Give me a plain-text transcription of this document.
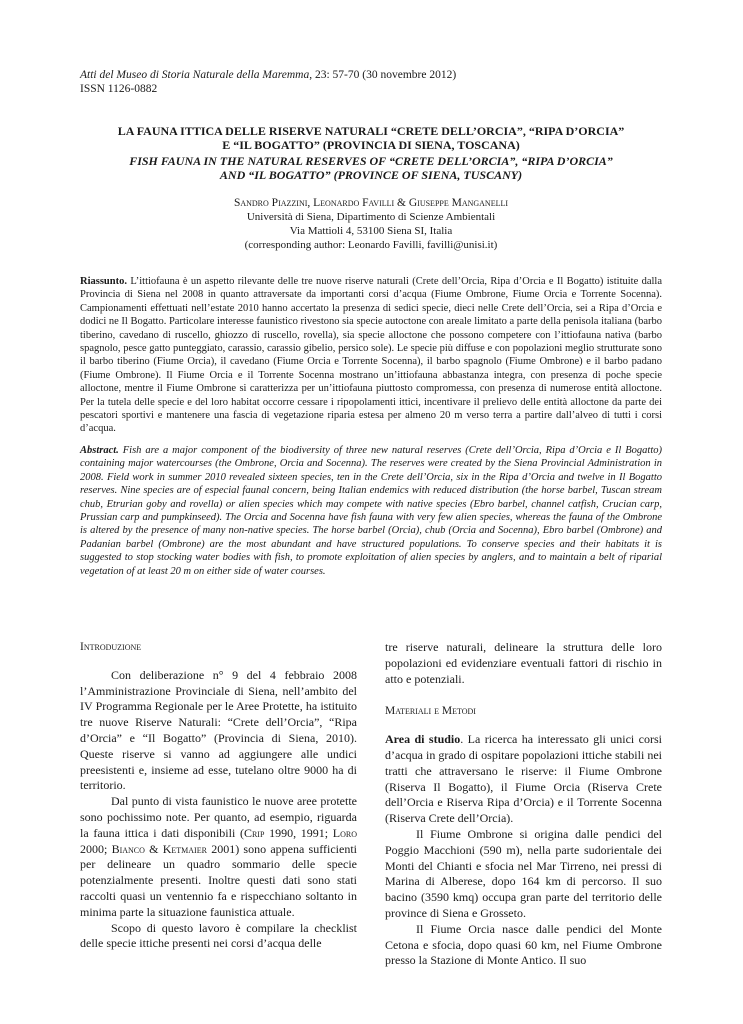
Atti del Museo di Storia Naturale della Maremma, 23: 57-70 (30 novembre 2012)
ISSN 1126-0882
LA FAUNA ITTICA DELLE RISERVE NATURALI “CRETE DELL’ORCIA”, “RIPA D’ORCIA”
E “IL BOGATTO” (PROVINCIA DI SIENA, TOSCANA)
FISH FAUNA IN THE NATURAL RESERVES OF “CRETE DELL’ORCIA”, “RIPA D’ORCIA”
AND “IL BOGATTO” (PROVINCE OF SIENA, TUSCANY)
Sandro Piazzini, Leonardo Favilli & Giuseppe Manganelli
Università di Siena, Dipartimento di Scienze Ambientali
Via Mattioli 4, 53100 Siena SI, Italia
(corresponding author: Leonardo Favilli, favilli@unisi.it)
Riassunto. L’ittiofauna è un aspetto rilevante delle tre nuove riserve naturali (Crete dell’Orcia, Ripa d’Orcia e Il Bogatto) istituite dalla Provincia di Siena nel 2008 in quanto attraversate da importanti corsi d’acqua (Fiume Ombrone, Fiume Orcia e Torrente Socenna). Campionamenti effettuati nell’estate 2010 hanno accertato la presenza di sedici specie, dieci nelle Crete dell’Orcia, sei a Ripa d’Orcia e dodici ne Il Bogatto. Particolare interesse faunistico rivestono sia specie autoctone con areale limitato a parte della penisola italiana (barbo tiberino, cavedano di ruscello, ghiozzo di ruscello, rovella), sia specie alloctone che possono competere con l’ittiofauna nativa (barbo spagnolo, pesce gatto punteggiato, carassio, carassio gibelio, persico sole). Le specie più diffuse e con popolazioni meglio strutturate sono il barbo tiberino (Fiume Orcia), il cavedano (Fiume Orcia e Torrente Socenna), il barbo spagnolo (Fiume Ombrone) e il barbo padano (Fiume Ombrone). Il Fiume Orcia e il Torrente Socenna mostrano un’ittiofauna abbastanza integra, con presenza di poche specie alloctone, mentre il Fiume Ombrone si caratterizza per un’ittiofauna piuttosto compromessa, con presenza di numerose entità alloctone. Per la tutela delle specie e del loro habitat occorre cessare i ripopolamenti ittici, incentivare il prelievo delle entità alloctone da parte dei pescatori sportivi e mantenere una fascia di vegetazione ripariа estesa per almeno 20 m verso terra a partire dall’alveo di tutti i corsi d’acqua.
Abstract. Fish are a major component of the biodiversity of three new natural reserves (Crete dell’Orcia, Ripa d’Orcia e Il Bogatto) containing major watercourses (the Ombrone, Orcia and Socenna). The reserves were created by the Siena Provincial Administration in 2008. Field work in summer 2010 revealed sixteen species, ten in the Crete dell’Orcia, six in the Ripa d’Orcia and twelve in Il Bogatto reserves. Nine species are of especial faunal concern, being Italian endemics with reduced distribution (the horse barbel, Tuscan stream chub, Etrurian goby and rovella) or alien species which may compete with native species (Ebro barbel, channel catfish, Crucian carp, Prussian carp and pumpkinseed). The Orcia and Socenna have fish fauna with very few alien species, whereas the fauna of the Ombrone is altered by the presence of many non-native species. The horse barbel (Orcia), chub (Orcia and Socenna), Ebro barbel (Ombrone) and Padanian barbel (Ombrone) are the most abundant and have structured populations. To conserve species and their habitats it is suggested to stop stocking water bodies with fish, to promote exploitation of alien species by anglers, and to maintain a belt of riparial vegetation of at least 20 m on either side of water courses.
Introduzione

Con deliberazione n° 9 del 4 febbraio 2008 l’Amministrazione Provinciale di Siena, nell’ambito del IV Programma Regionale per le Aree Protette, ha istituito tre nuove Riserve Naturali: “Crete dell’Orcia”, “Ripa d’Orcia” e “Il Bogatto” (Provincia di Siena, 2010). Queste riserve si vanno ad aggiungere alle undici preesistenti e, insieme ad esse, tutelano oltre 9000 ha di territorio.

Dal punto di vista faunistico le nuove aree protette sono pochissimo note. Per quanto, ad esempio, riguarda la fauna ittica i dati disponibili (Crip 1990, 1991; Loro 2000; Bianco & Ketmaier 2001) sono appena sufficienti per delineare un quadro sommario delle specie potenzialmente presenti. Inoltre questi dati sono stati raccolti quasi un ventennio fa e rispecchiano soltanto in minima parte la situazione faunistica attuale.

Scopo di questo lavoro è compilare la checklist delle specie ittiche presenti nei corsi d’acqua delle

tre riserve naturali, delineare la struttura delle loro popolazioni ed evidenziare eventuali fattori di rischio in atto e potenziali.

Materiali e Metodi

Area di studio. La ricerca ha interessato gli unici corsi d’acqua in grado di ospitare popolazioni ittiche stabili nei tratti che attraversano le riserve: il Fiume Ombrone (Riserva Il Bogatto), il Fiume Orcia (Riserva Crete dell’Orcia e Riserva Ripa d’Orcia) e il Torrente Socenna (Riserva Crete dell’Orcia).

Il Fiume Ombrone si origina dalle pendici del Poggio Macchioni (590 m), nella parte sudorientale dei Monti del Chianti e sfocia nel Mar Tirreno, nei pressi di Marina di Alberese, dopo 164 km di percorso. Il suo bacino (3590 kmq) occupa gran parte del territorio delle province di Siena e Grosseto.

Il Fiume Orcia nasce dalle pendici del Monte Cetona e sfocia, dopo quasi 60 km, nel Fiume Ombrone presso la Stazione di Monte Antico. Il suo
